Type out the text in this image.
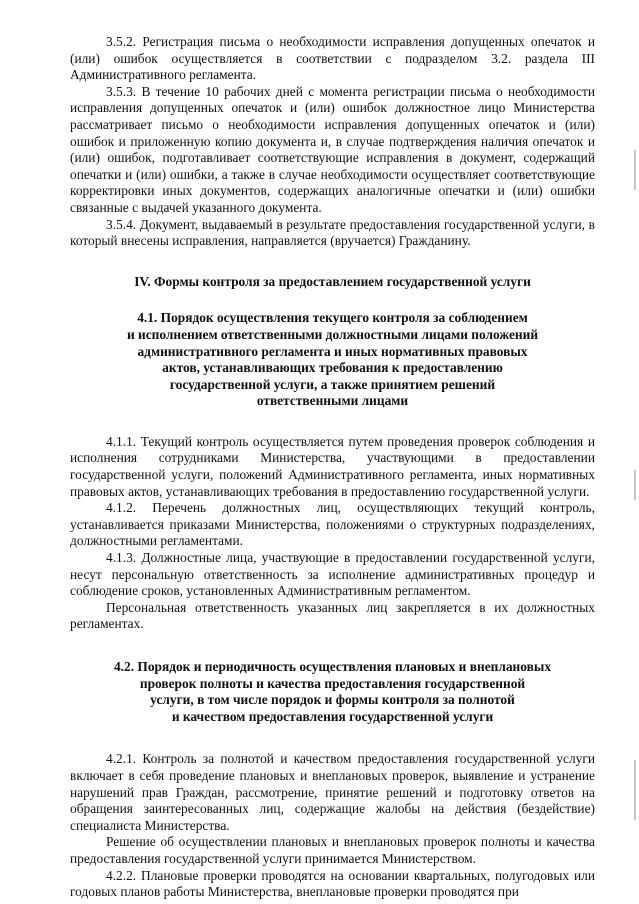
3.5.2. Регистрация письма о необходимости исправления допущенных опечаток и (или) ошибок осуществляется в соответствии с подразделом 3.2. раздела III Административного регламента.

3.5.3. В течение 10 рабочих дней с момента регистрации письма о необходимости исправления допущенных опечаток и (или) ошибок должностное лицо Министерства рассматривает письмо о необходимости исправления допущенных опечаток и (или) ошибок и приложенную копию документа и, в случае подтверждения наличия опечаток и (или) ошибок, подготавливает соответствующие исправления в документ, содержащий опечатки и (или) ошибки, а также в случае необходимости осуществляет соответствующие корректировки иных документов, содержащих аналогичные опечатки и (или) ошибки связанные с выдачей указанного документа.

3.5.4. Документ, выдаваемый в результате предоставления государственной услуги, в который внесены исправления, направляется (вручается) Гражданину.

IV. Формы контроля за предоставлением государственной услуги

4.1. Порядок осуществления текущего контроля за соблюдением
и исполнением ответственными должностными лицами положений
административного регламента и иных нормативных правовых
актов, устанавливающих требования к предоставлению
государственной услуги, а также принятием решений
ответственными лицами

4.1.1. Текущий контроль осуществляется путем проведения проверок соблюдения и исполнения сотрудниками Министерства, участвующими в предоставлении государственной услуги, положений Административного регламента, иных нормативных правовых актов, устанавливающих требования в предоставлению государственной услуги.

4.1.2. Перечень должностных лиц, осуществляющих текущий контроль, устанавливается приказами Министерства, положениями о структурных подразделениях, должностными регламентами.

4.1.3. Должностные лица, участвующие в предоставлении государственной услуги, несут персональную ответственность за исполнение административных процедур и соблюдение сроков, установленных Административным регламентом.

Персональная ответственность указанных лиц закрепляется в их должностных регламентах.

4.2. Порядок и периодичность осуществления плановых и внеплановых
проверок полноты и качества предоставления государственной
услуги, в том числе порядок и формы контроля за полнотой
и качеством предоставления государственной услуги

4.2.1. Контроль за полнотой и качеством предоставления государственной услуги включает в себя проведение плановых и внеплановых проверок, выявление и устранение нарушений прав Граждан, рассмотрение, принятие решений и подготовку ответов на обращения заинтересованных лиц, содержащие жалобы на действия (бездействие) специалиста Министерства.

Решение об осуществлении плановых и внеплановых проверок полноты и качества предоставления государственной услуги принимается Министерством.

4.2.2. Плановые проверки проводятся на основании квартальных, полугодовых или годовых планов работы Министерства, внеплановые проверки проводятся при
